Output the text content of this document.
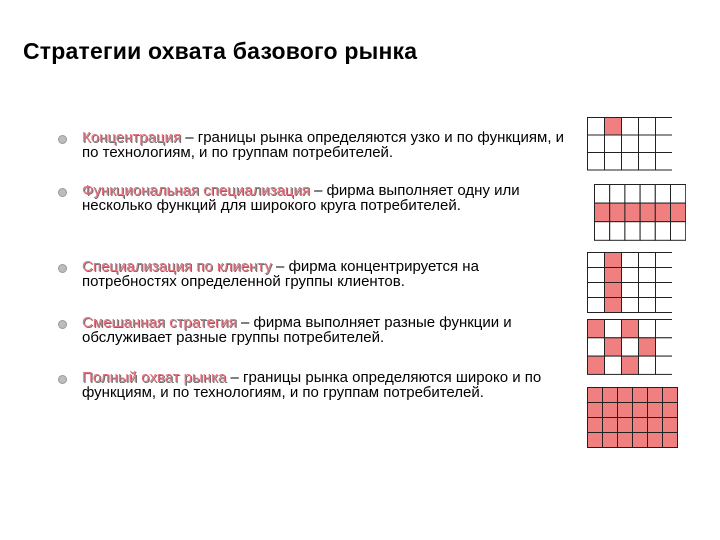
Стратегии охвата базового рынка

Концентрация – границы рынка определяются узко и по функциям, и по технологиям, и по группам потребителей.

Функциональная специализация – фирма выполняет одну или несколько функций для широкого круга потребителей.

Специализация по клиенту – фирма концентрируется на потребностях определенной группы клиентов.

Смешанная стратегия – фирма выполняет разные функции и обслуживает разные группы потребителей.

Полный охват рынка – границы рынка определяются широко и по функциям, и по технологиям, и по группам потребителей.
